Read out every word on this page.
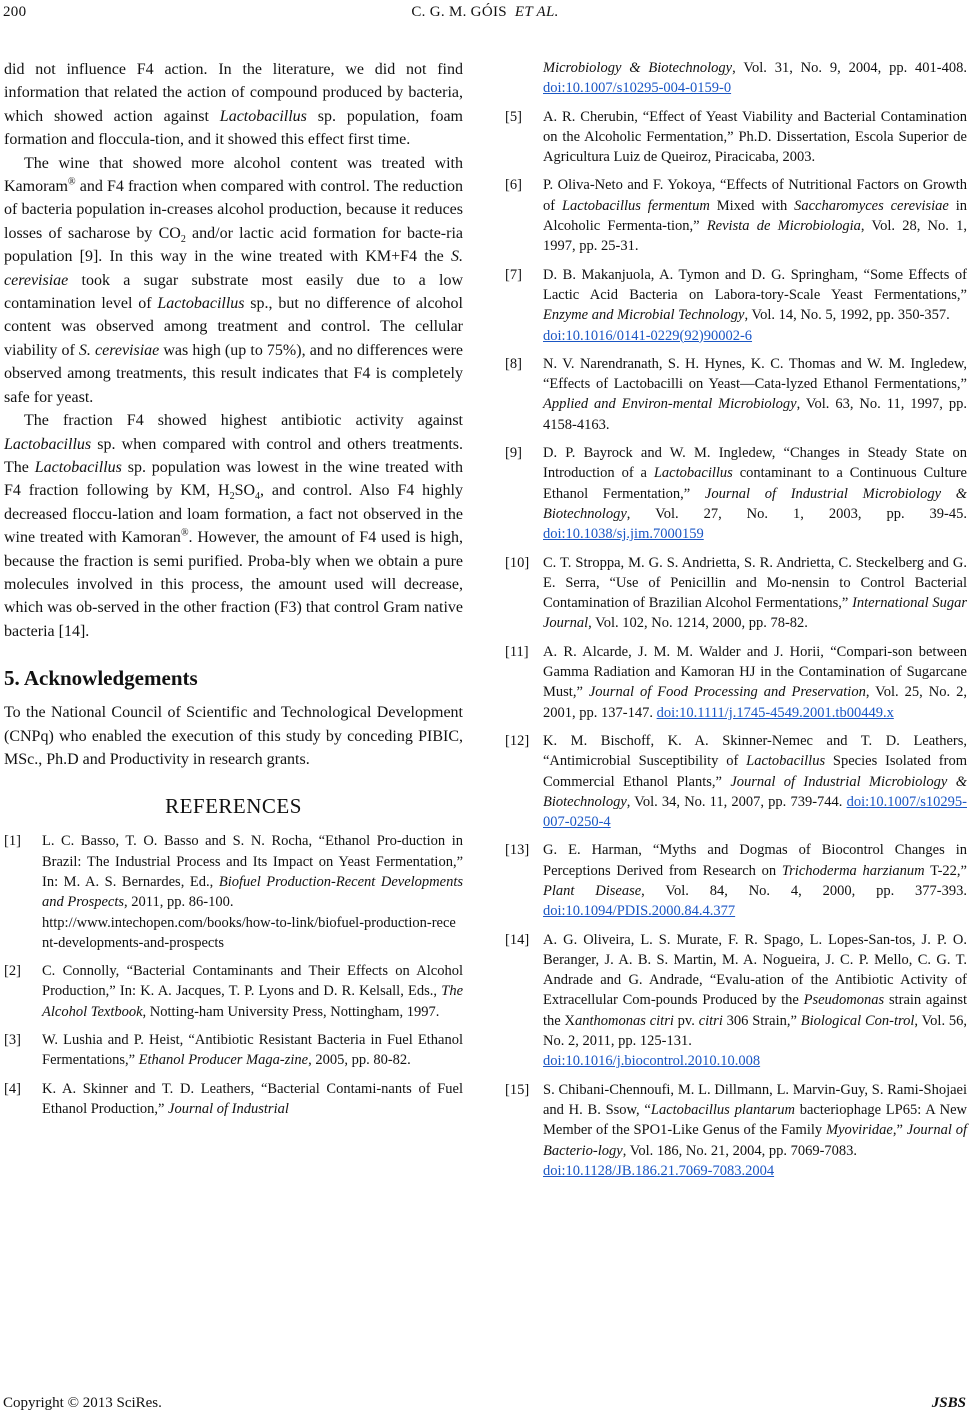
200	C. G. M. GÓIS ET AL.

did not influence F4 action. In the literature, we did not find information that related the action of compound produced by bacteria, which showed action against Lactobacillus sp. population, foam formation and floccula-tion, and it showed this effect first time.

The wine that showed more alcohol content was treated with Kamoram® and F4 fraction when compared with control. The reduction of bacteria population in-creases alcohol production, because it reduces losses of sacharose by $CO_2$ and/or lactic acid formation for bacte-ria population [9]. In this way in the wine treated with KM+F4 the S. cerevisiae took a sugar substrate most easily due to a low contamination level of Lactobacillus sp., but no difference of alcohol content was observed among treatment and control. The cellular viability of S. cerevisiae was high (up to 75%), and no differences were observed among treatments, this result indicates that F4 is completely safe for yeast.

The fraction F4 showed highest antibiotic activity against Lactobacillus sp. when compared with control and others treatments. The Lactobacillus sp. population was lowest in the wine treated with F4 fraction following by KM, $H_2SO_4$, and control. Also F4 highly decreased floccu-lation and loam formation, a fact not observed in the wine treated with Kamoran®. However, the amount of F4 used is high, because the fraction is semi purified. Proba-bly when we obtain a pure molecules involved in this process, the amount used will decrease, which was ob-served in the other fraction (F3) that control Gram native bacteria [14].

5. Acknowledgements

To the National Council of Scientific and Technological Development (CNPq) who enabled the execution of this study by conceding PIBIC, MSc., Ph.D and Productivity in research grants.

REFERENCES
[1] L. C. Basso, T. O. Basso and S. N. Rocha, “Ethanol Pro-duction in Brazil: The Industrial Process and Its Impact on Yeast Fermentation,” In: M. A. S. Bernardes, Ed., Biofuel Production-Recent Developments and Prospects, 2011, pp. 86-100.
http://www.intechopen.com/books/how-to-link/biofuel-production-recent-developments-and-prospects
[2] C. Connolly, “Bacterial Contaminants and Their Effects on Alcohol Production,” In: K. A. Jacques, T. P. Lyons and D. R. Kelsall, Eds., The Alcohol Textbook, Notting-ham University Press, Nottingham, 1997.
[3] W. Lushia and P. Heist, “Antibiotic Resistant Bacteria in Fuel Ethanol Fermentations,” Ethanol Producer Maga-zine, 2005, pp. 80-82.
[4] K. A. Skinner and T. D. Leathers, “Bacterial Contami-nants of Fuel Ethanol Production,” Journal of Industrial
Microbiology & Biotechnology, Vol. 31, No. 9, 2004, pp. 401-408. doi:10.1007/s10295-004-0159-0
[5] A. R. Cherubin, “Effect of Yeast Viability and Bacterial Contamination on the Alcoholic Fermentation,” Ph.D. Dissertation, Escola Superior de Agricultura Luiz de Queiroz, Piracicaba, 2003.
[6] P. Oliva-Neto and F. Yokoya, “Effects of Nutritional Factors on Growth of Lactobacillus fermentum Mixed with Saccharomyces cerevisiae in Alcoholic Fermenta-tion,” Revista de Microbiologia, Vol. 28, No. 1, 1997, pp. 25-31.
[7] D. B. Makanjuola, A. Tymon and D. G. Springham, “Some Effects of Lactic Acid Bacteria on Labora-tory-Scale Yeast Fermentations,” Enzyme and Microbial Technology, Vol. 14, No. 5, 1992, pp. 350-357.
doi:10.1016/0141-0229(92)90002-6
[8] N. V. Narendranath, S. H. Hynes, K. C. Thomas and W. M. Ingledew, “Effects of Lactobacilli on Yeast—Cata-lyzed Ethanol Fermentations,” Applied and Environ-mental Microbiology, Vol. 63, No. 11, 1997, pp. 4158-4163.
[9] D. P. Bayrock and W. M. Ingledew, “Changes in Steady State on Introduction of a Lactobacillus contaminant to a Continuous Culture Ethanol Fermentation,” Journal of Industrial Microbiology & Biotechnology, Vol. 27, No. 1, 2003, pp. 39-45. doi:10.1038/sj.jim.7000159
[10] C. T. Stroppa, M. G. S. Andrietta, S. R. Andrietta, C. Steckelberg and G. E. Serra, “Use of Penicillin and Mo-nensin to Control Bacterial Contamination of Brazilian Alcohol Fermentations,” International Sugar Journal, Vol. 102, No. 1214, 2000, pp. 78-82.
[11] A. R. Alcarde, J. M. M. Walder and J. Horii, “Compari-son between Gamma Radiation and Kamoran HJ in the Contamination of Sugarcane Must,” Journal of Food Processing and Preservation, Vol. 25, No. 2, 2001, pp. 137-147. doi:10.1111/j.1745-4549.2001.tb00449.x
[12] K. M. Bischoff, K. A. Skinner-Nemec and T. D. Leathers, “Antimicrobial Susceptibility of Lactobacillus Species Isolated from Commercial Ethanol Plants,” Journal of Industrial Microbiology & Biotechnology, Vol. 34, No. 11, 2007, pp. 739-744. doi:10.1007/s10295-007-0250-4
[13] G. E. Harman, “Myths and Dogmas of Biocontrol Changes in Perceptions Derived from Research on Trichoderma harzianum T-22,” Plant Disease, Vol. 84, No. 4, 2000, pp. 377-393. doi:10.1094/PDIS.2000.84.4.377
[14] A. G. Oliveira, L. S. Murate, F. R. Spago, L. Lopes-San-tos, J. P. O. Beranger, J. A. B. S. Martin, M. A. Nogueira, J. C. P. Mello, C. G. T. Andrade and G. Andrade, “Evalu-ation of the Antibiotic Activity of Extracellular Com-pounds Produced by the Pseudomonas strain against the Xanthomonas citri pv. citri 306 Strain,” Biological Con-trol, Vol. 56, No. 2, 2011, pp. 125-131.
doi:10.1016/j.biocontrol.2010.10.008
[15] S. Chibani-Chennoufi, M. L. Dillmann, L. Marvin-Guy, S. Rami-Shojaei and H. B. Ssow, “Lactobacillus plantarum bacteriophage LP65: A New Member of the SPO1-Like Genus of the Family Myoviridae,” Journal of Bacterio-logy, Vol. 186, No. 21, 2004, pp. 7069-7083.
doi:10.1128/JB.186.21.7069-7083.2004
Copyright © 2013 SciRes.	JSBS
